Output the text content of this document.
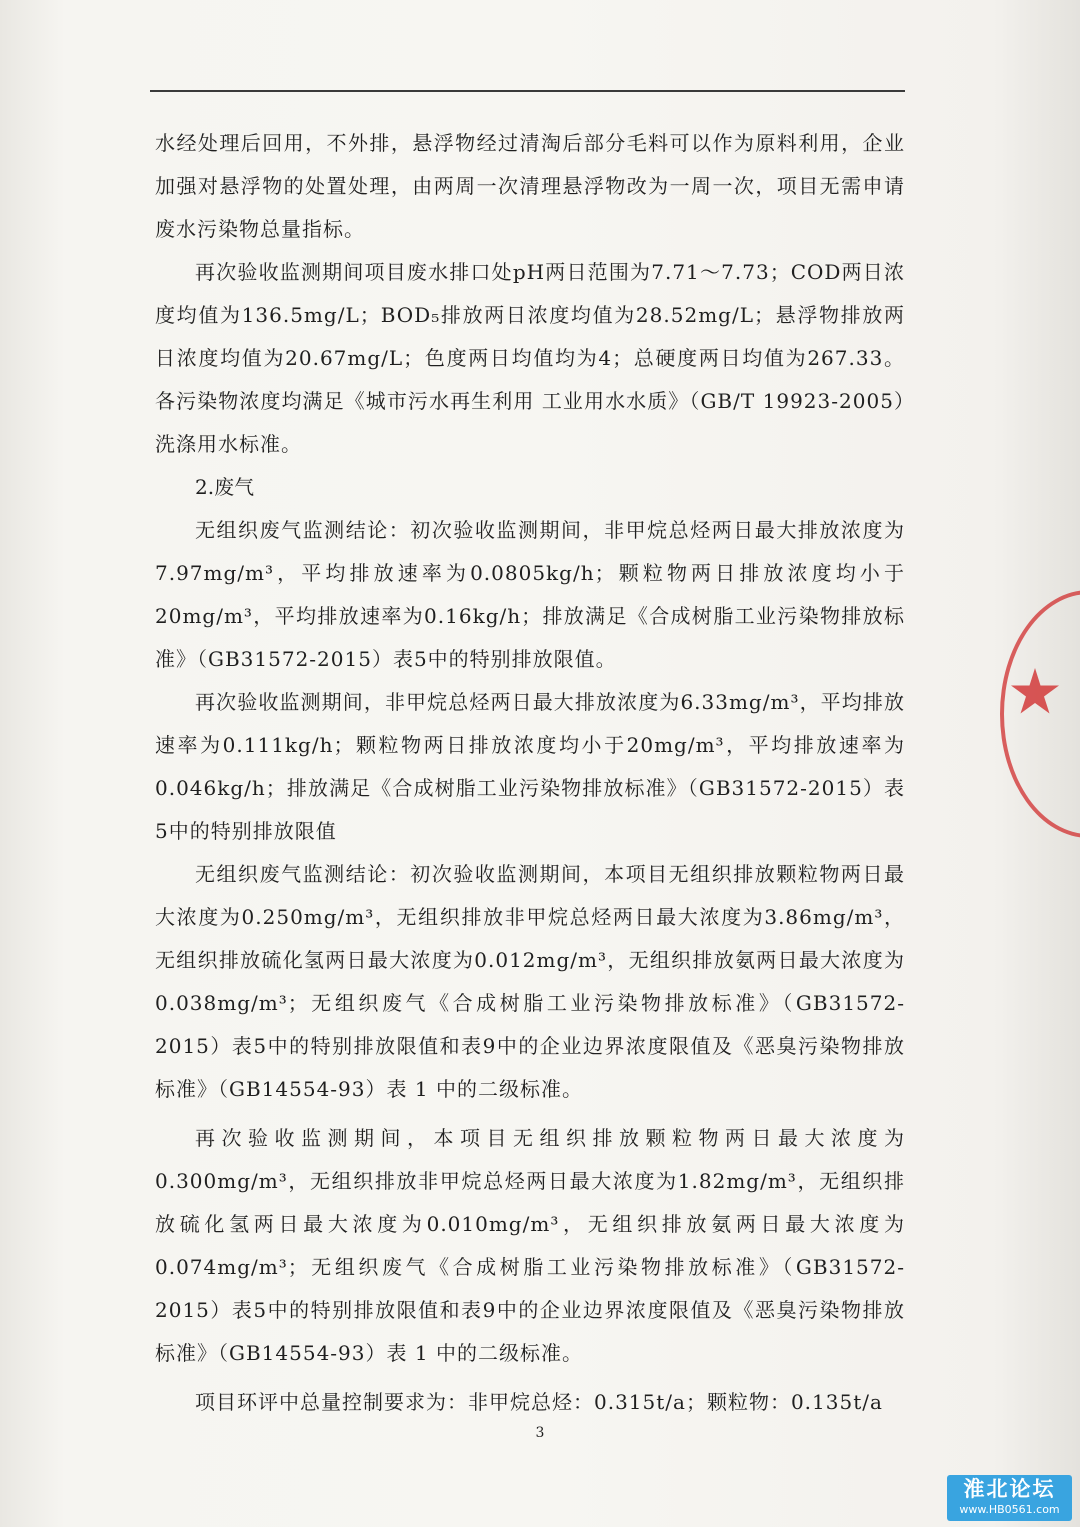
水经处理后回用，不外排，悬浮物经过清淘后部分毛料可以作为原料利用，企业加强对悬浮物的处置处理，由两周一次清理悬浮物改为一周一次，项目无需申请废水污染物总量指标。

再次验收监测期间项目废水排口处pH两日范围为7.71～7.73；COD两日浓度均值为136.5mg/L；BOD₅排放两日浓度均值为28.52mg/L；悬浮物排放两日浓度均值为20.67mg/L；色度两日均值均为4；总硬度两日均值为267.33。各污染物浓度均满足《城市污水再生利用 工业用水水质》（GB/T 19923-2005）洗涤用水标准。

2.废气

无组织废气监测结论：初次验收监测期间，非甲烷总烃两日最大排放浓度为7.97mg/m³，平均排放速率为0.0805kg/h；颗粒物两日排放浓度均小于20mg/m³，平均排放速率为0.16kg/h；排放满足《合成树脂工业污染物排放标准》（GB31572-2015）表5中的特别排放限值。

再次验收监测期间，非甲烷总烃两日最大排放浓度为6.33mg/m³，平均排放速率为0.111kg/h；颗粒物两日排放浓度均小于20mg/m³，平均排放速率为0.046kg/h；排放满足《合成树脂工业污染物排放标准》（GB31572-2015）表5中的特别排放限值

无组织废气监测结论：初次验收监测期间，本项目无组织排放颗粒物两日最大浓度为0.250mg/m³，无组织排放非甲烷总烃两日最大浓度为3.86mg/m³，无组织排放硫化氢两日最大浓度为0.012mg/m³，无组织排放氨两日最大浓度为0.038mg/m³；无组织废气《合成树脂工业污染物排放标准》（GB31572-2015）表5中的特别排放限值和表9中的企业边界浓度限值及《恶臭污染物排放标准》（GB14554-93）表 1 中的二级标准。

再次验收监测期间，本项目无组织排放颗粒物两日最大浓度为0.300mg/m³，无组织排放非甲烷总烃两日最大浓度为1.82mg/m³，无组织排放硫化氢两日最大浓度为0.010mg/m³，无组织排放氨两日最大浓度为0.074mg/m³；无组织废气《合成树脂工业污染物排放标准》（GB31572-2015）表5中的特别排放限值和表9中的企业边界浓度限值及《恶臭污染物排放标准》（GB14554-93）表 1 中的二级标准。

项目环评中总量控制要求为：非甲烷总烃：0.315t/a；颗粒物：0.135t/a

3
淮北论坛
www.HB0561.com
